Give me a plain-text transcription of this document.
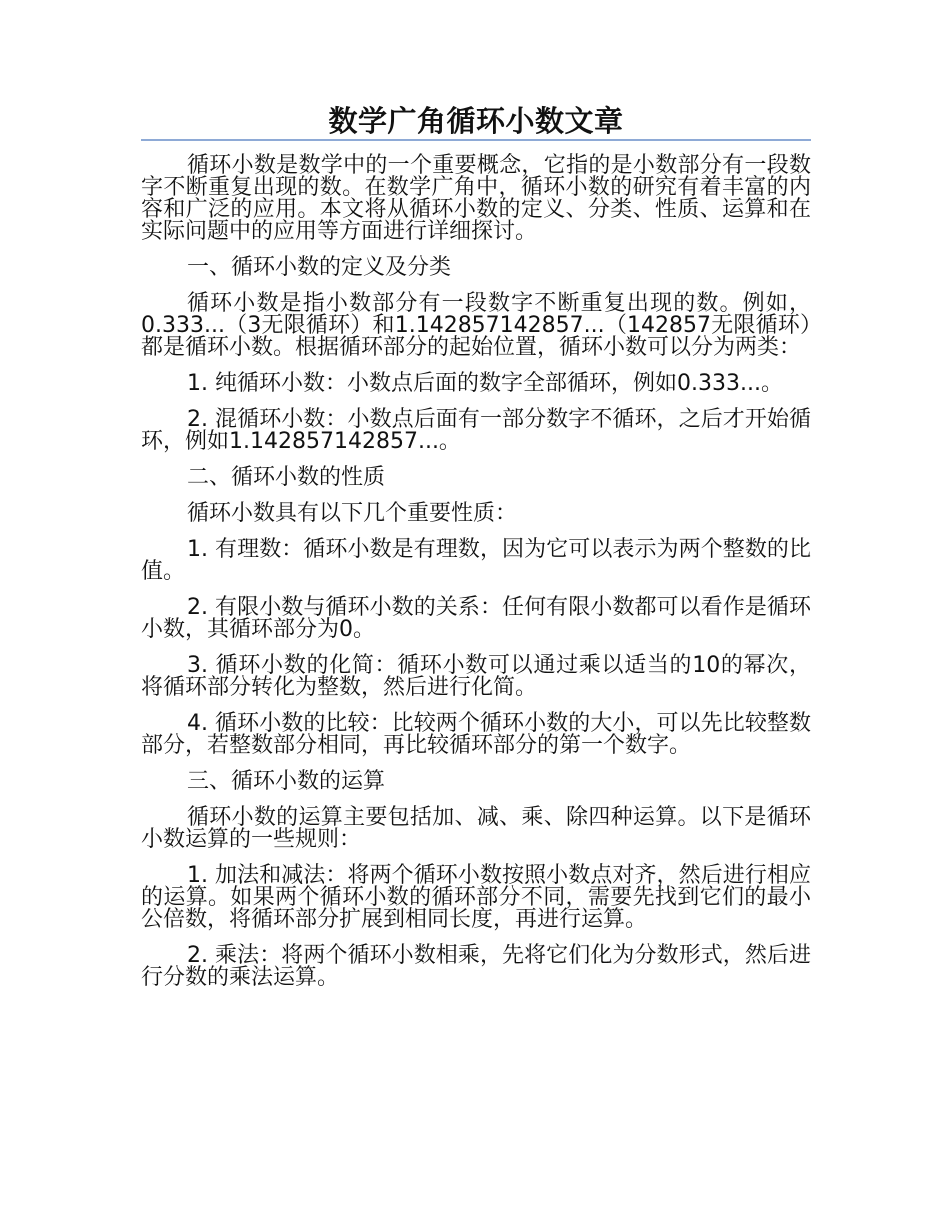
数学广角循环小数文章

循环小数是数学中的一个重要概念，它指的是小数部分有一段数字不断重复出现的数。在数学广角中，循环小数的研究有着丰富的内容和广泛的应用。本文将从循环小数的定义、分类、性质、运算和在实际问题中的应用等方面进行详细探讨。

一、循环小数的定义及分类

循环小数是指小数部分有一段数字不断重复出现的数。例如，0.333...（3无限循环）和1.142857142857...（142857无限循环）都是循环小数。根据循环部分的起始位置，循环小数可以分为两类：

1. 纯循环小数：小数点后面的数字全部循环，例如0.333...。

2. 混循环小数：小数点后面有一部分数字不循环，之后才开始循环，例如1.142857142857...。

二、循环小数的性质

循环小数具有以下几个重要性质：

1. 有理数：循环小数是有理数，因为它可以表示为两个整数的比值。

2. 有限小数与循环小数的关系：任何有限小数都可以看作是循环小数，其循环部分为0。

3. 循环小数的化简：循环小数可以通过乘以适当的10的幂次，将循环部分转化为整数，然后进行化简。

4. 循环小数的比较：比较两个循环小数的大小，可以先比较整数部分，若整数部分相同，再比较循环部分的第一个数字。

三、循环小数的运算

循环小数的运算主要包括加、减、乘、除四种运算。以下是循环小数运算的一些规则：

1. 加法和减法：将两个循环小数按照小数点对齐，然后进行相应的运算。如果两个循环小数的循环部分不同，需要先找到它们的最小公倍数，将循环部分扩展到相同长度，再进行运算。

2. 乘法：将两个循环小数相乘，先将它们化为分数形式，然后进行分数的乘法运算。
